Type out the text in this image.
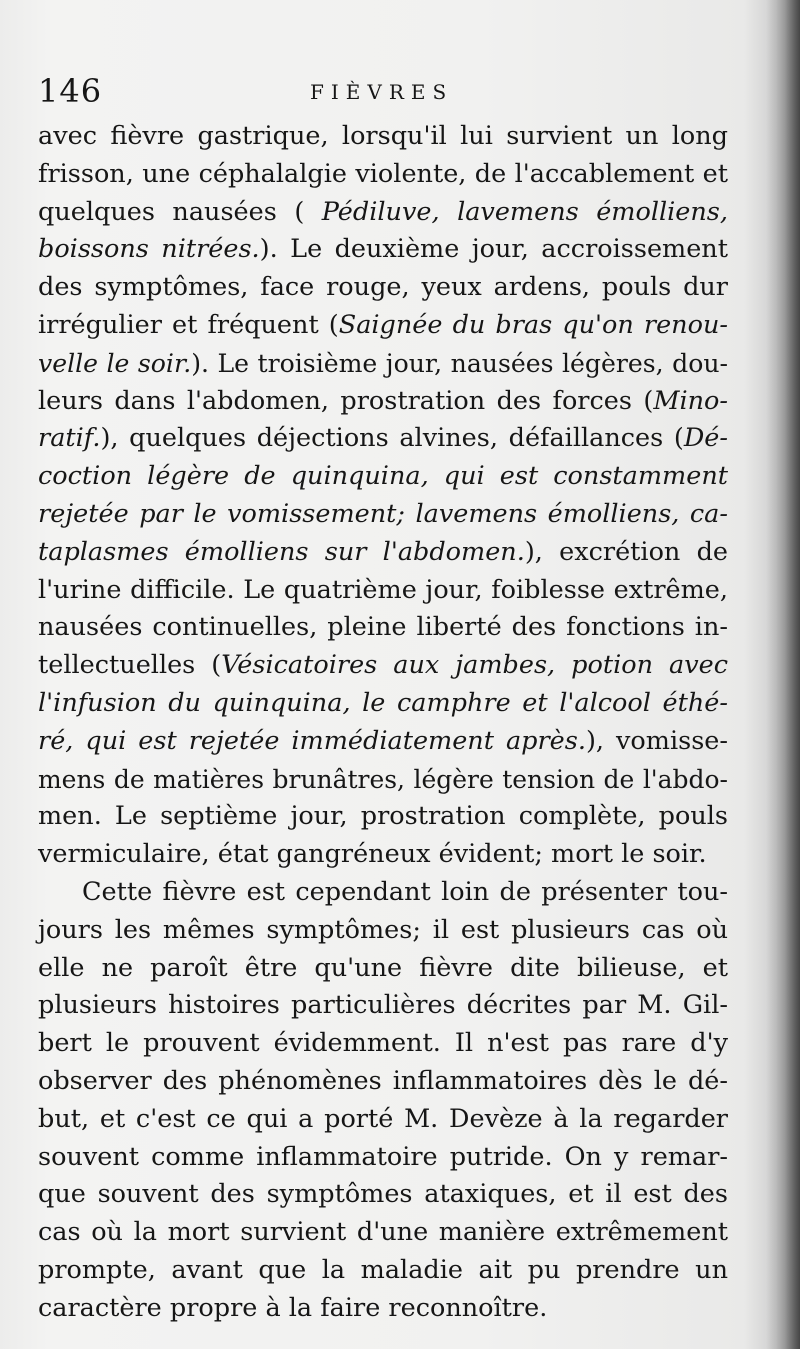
146	FIÈVRES
avec fièvre gastrique, lorsqu'il lui survient un long
frisson, une céphalalgie violente, de l'accablement et
quelques nausées ( Pédiluve, lavemens émolliens,
boissons nitrées.). Le deuxième jour, accroissement
des symptômes, face rouge, yeux ardens, pouls dur
irrégulier et fréquent (Saignée du bras qu'on renou-
velle le soir.). Le troisième jour, nausées légères, dou-
leurs dans l'abdomen, prostration des forces (Mino-
ratif.), quelques déjections alvines, défaillances (Dé-
coction légère de quinquina, qui est constamment
rejetée par le vomissement; lavemens émolliens, ca-
taplasmes émolliens sur l'abdomen.), excrétion de
l'urine difficile. Le quatrième jour, foiblesse extrême,
nausées continuelles, pleine liberté des fonctions in-
tellectuelles (Vésicatoires aux jambes, potion avec
l'infusion du quinquina, le camphre et l'alcool éthé-
ré, qui est rejetée immédiatement après.), vomisse-
mens de matières brunâtres, légère tension de l'abdo-
men. Le septième jour, prostration complète, pouls
vermiculaire, état gangréneux évident; mort le soir.
Cette fièvre est cependant loin de présenter tou-
jours les mêmes symptômes; il est plusieurs cas où
elle ne paroît être qu'une fièvre dite bilieuse, et
plusieurs histoires particulières décrites par M. Gil-
bert le prouvent évidemment. Il n'est pas rare d'y
observer des phénomènes inflammatoires dès le dé-
but, et c'est ce qui a porté M. Devèze à la regarder
souvent comme inflammatoire putride. On y remar-
que souvent des symptômes ataxiques, et il est des
cas où la mort survient d'une manière extrêmement
prompte, avant que la maladie ait pu prendre un
caractère propre à la faire reconnoître.
